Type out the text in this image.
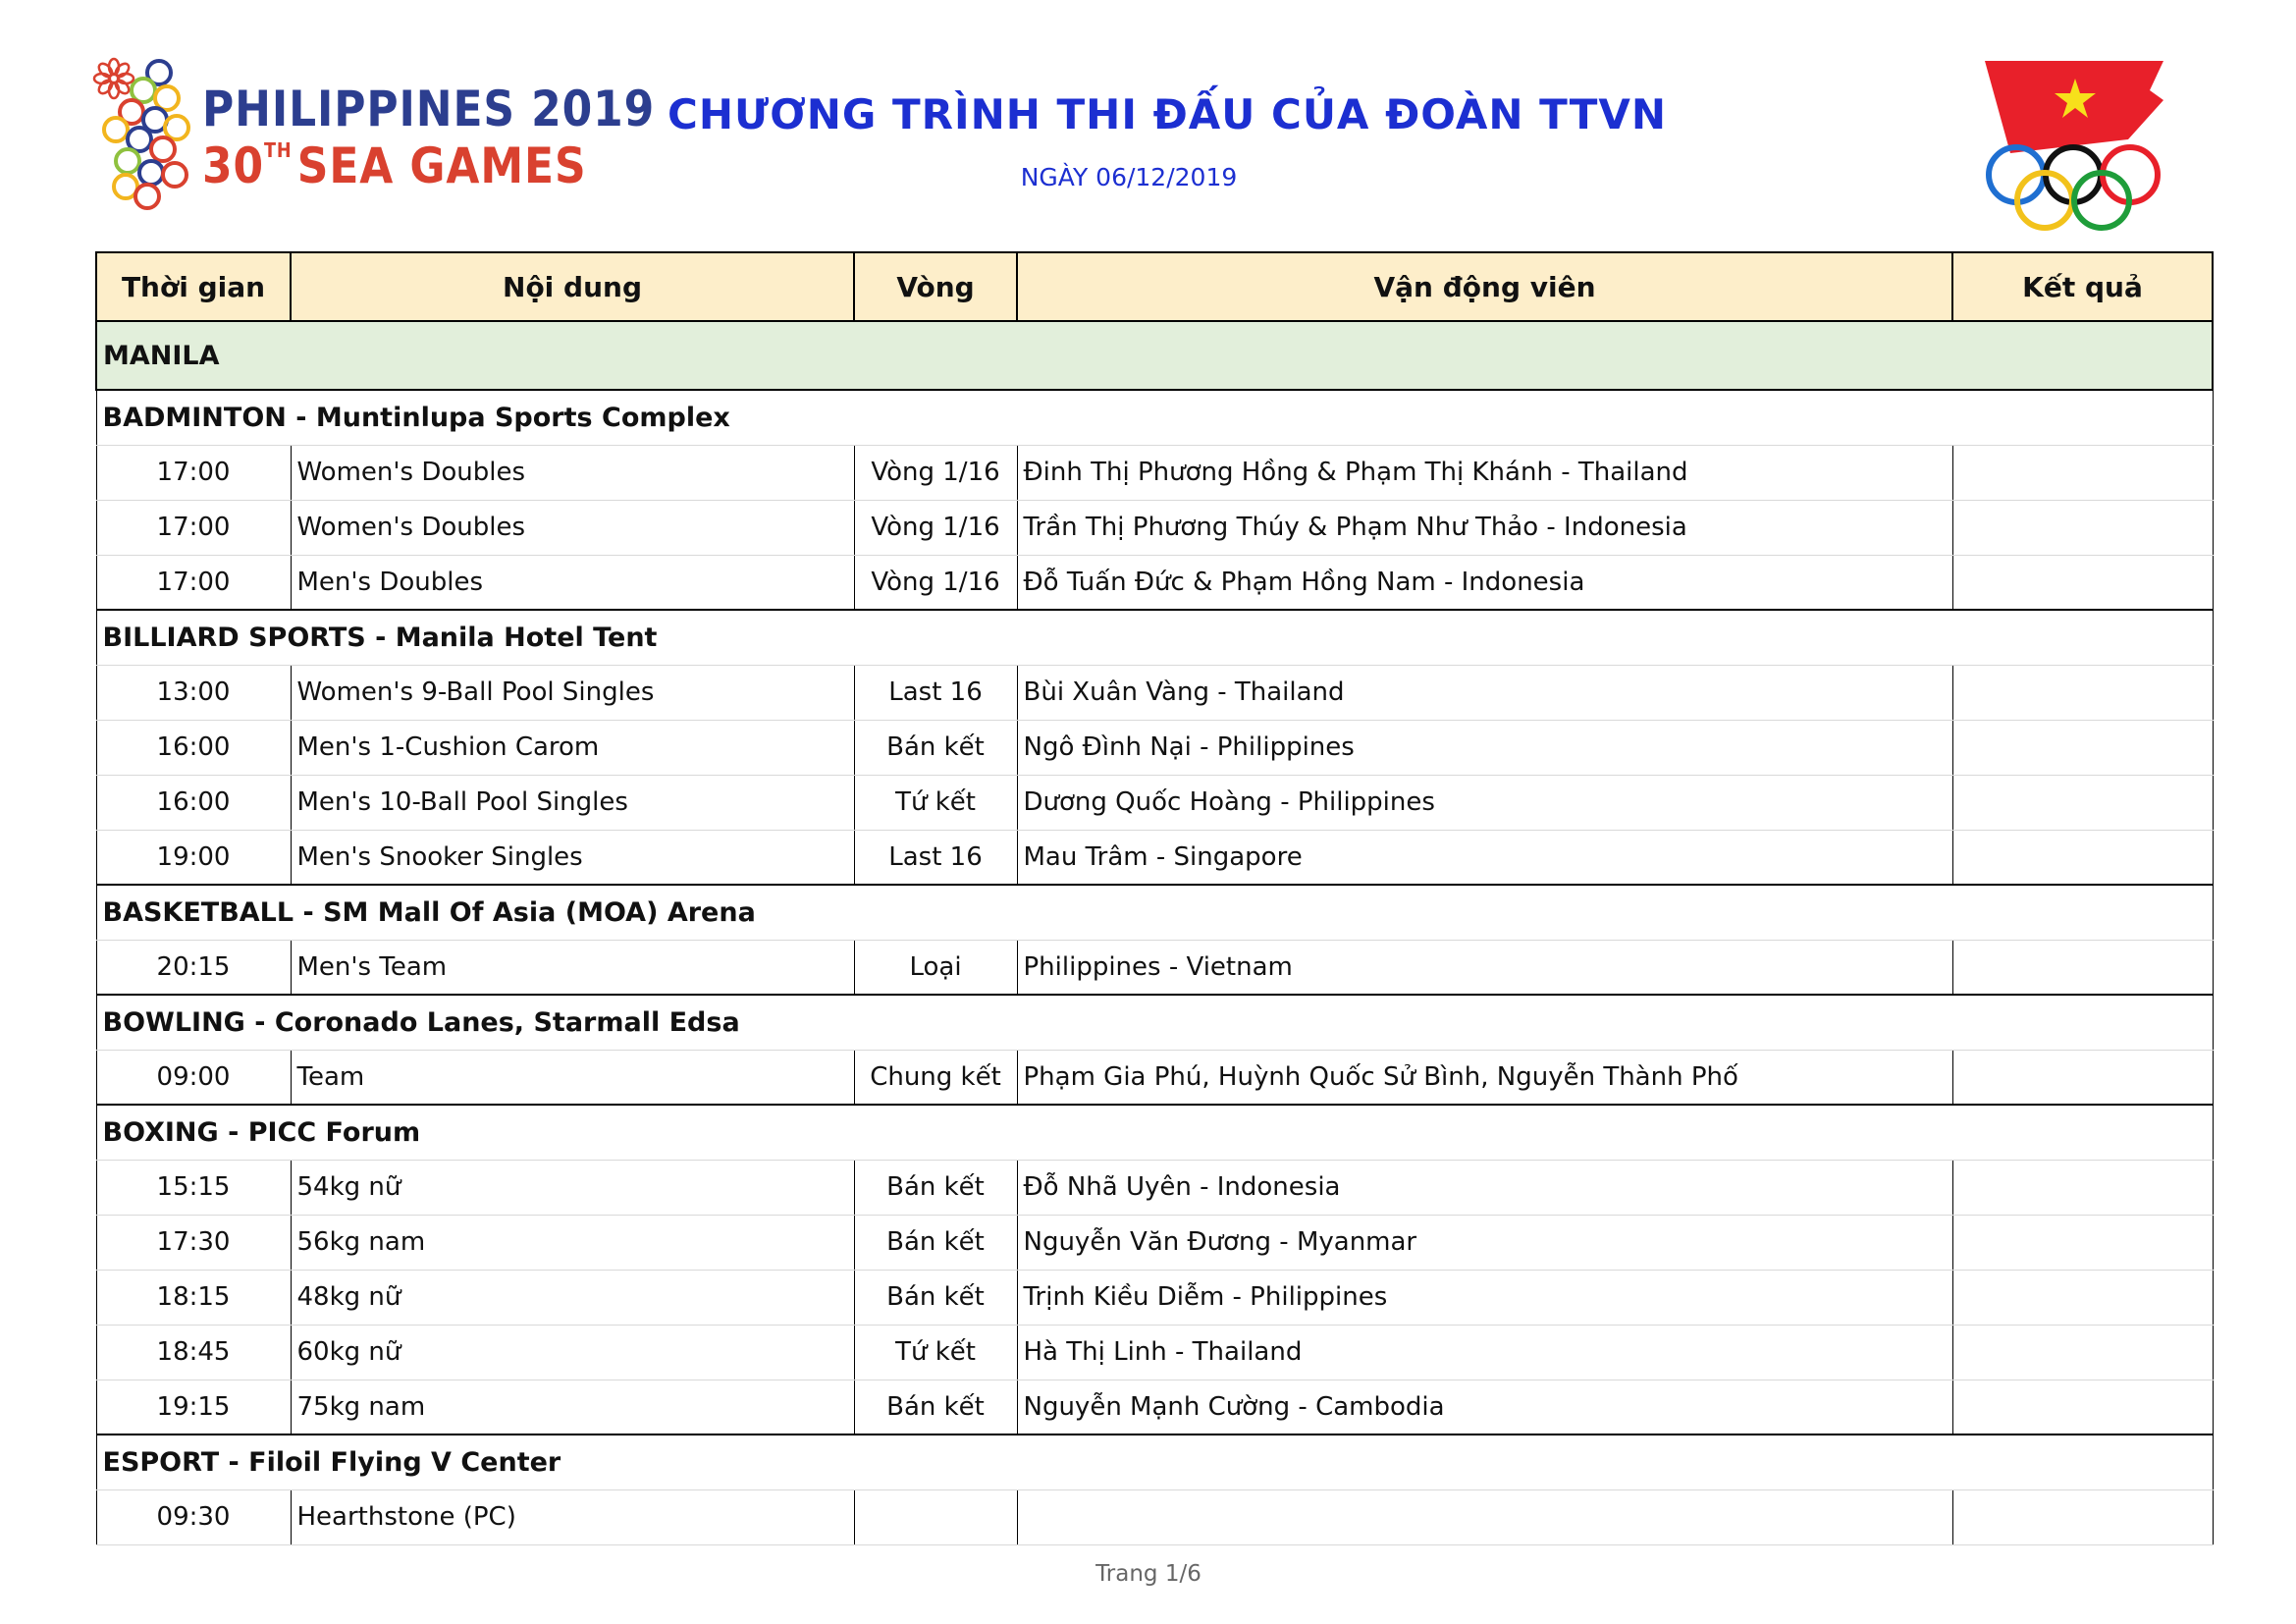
PHILIPPINES 2019
30TH SEA GAMES
CHƯƠNG TRÌNH THI ĐẤU CỦA ĐOÀN TTVN
NGÀY 06/12/2019
Thời gian	Nội dung	Vòng	Vận động viên	Kết quả
MANILA				
BADMINTON - Muntinlupa Sports Complex				
17:00	Women's Doubles	Vòng 1/16	Đinh Thị Phương Hồng & Phạm Thị Khánh - Thailand	
17:00	Women's Doubles	Vòng 1/16	Trần Thị Phương Thúy & Phạm Như Thảo - Indonesia	
17:00	Men's Doubles	Vòng 1/16	Đỗ Tuấn Đức & Phạm Hồng Nam - Indonesia	
BILLIARD SPORTS - Manila Hotel Tent				
13:00	Women's 9-Ball Pool Singles	Last 16	Bùi Xuân Vàng - Thailand	
16:00	Men's 1-Cushion Carom	Bán kết	Ngô Đình Nại - Philippines	
16:00	Men's 10-Ball Pool Singles	Tứ kết	Dương Quốc Hoàng - Philippines	
19:00	Men's Snooker Singles	Last 16	Mau Trâm - Singapore	
BASKETBALL - SM Mall Of Asia (MOA) Arena				
20:15	Men's Team	Loại	Philippines - Vietnam	
BOWLING - Coronado Lanes, Starmall Edsa				
09:00	Team	Chung kết	Phạm Gia Phú, Huỳnh Quốc Sử Bình, Nguyễn Thành Phố	
BOXING - PICC Forum				
15:15	54kg nữ	Bán kết	Đỗ Nhã Uyên - Indonesia	
17:30	56kg nam	Bán kết	Nguyễn Văn Đương - Myanmar	
18:15	48kg nữ	Bán kết	Trịnh Kiều Diễm - Philippines	
18:45	60kg nữ	Tứ kết	Hà Thị Linh - Thailand	
19:15	75kg nam	Bán kết	Nguyễn Mạnh Cường - Cambodia	
ESPORT - Filoil Flying V Center				
09:30	Hearthstone (PC)			
Trang 1/6
